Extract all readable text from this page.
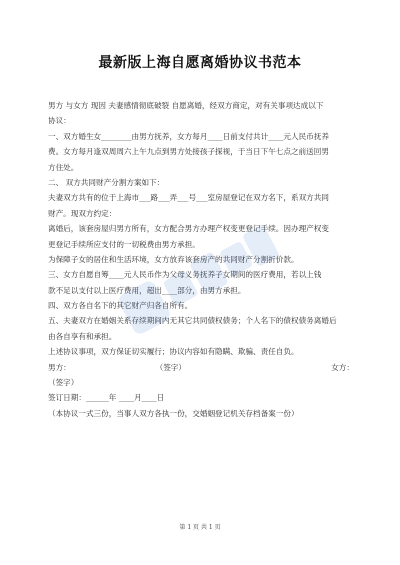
最新版上海自愿离婚协议书范本
男方 与女方 现因 夫妻感情彻底破裂 自愿离婚，经双方商定，对有关事项达成以下
协议：
一、双方婚生女________由男方抚养，女方每月____日前支付共计____元人民币抚养
费。女方每月逢双周周六上午九点到男方处接孩子探视，于当日下午七点之前送回男
方住处。
二、 双方共同财产分割方案如下：
夫妻双方共有的位于上海市___路___弄___号___室房屋登记在双方名下，系双方共同
财产。现双方约定：
离婚后，该套房屋归男方所有，女方配合男方办理产权变更登记手续。因办理产权变
更登记手续所应支付的一切税费由男方承担。
为保障子女的居住和生活环境，女方放弃该套房产的共同财产分割折价款。
三、女方自愿自筹____元人民币作为父母义务抚养子女期间的医疗费用，若以上钱
款不足以支付以上医疗费用，超出____部分，由男方承担。
四、双方各自名下的其它财产归各自所有。
五、夫妻双方在婚姻关系存续期间内无其它共同债权债务；个人名下的债权债务离婚后
由各自享有和承担。
上述协议事项，双方保证切实履行；协议内容如有隐瞒、欺骗、责任自负。
男方：	（签字）	女方：
（签字）
签订日期：______年 ____月____日
（本协议一式三份，当事人双方各执一份，交婚姻登记机关存档备案一份）
第 1 页 共 1 页
